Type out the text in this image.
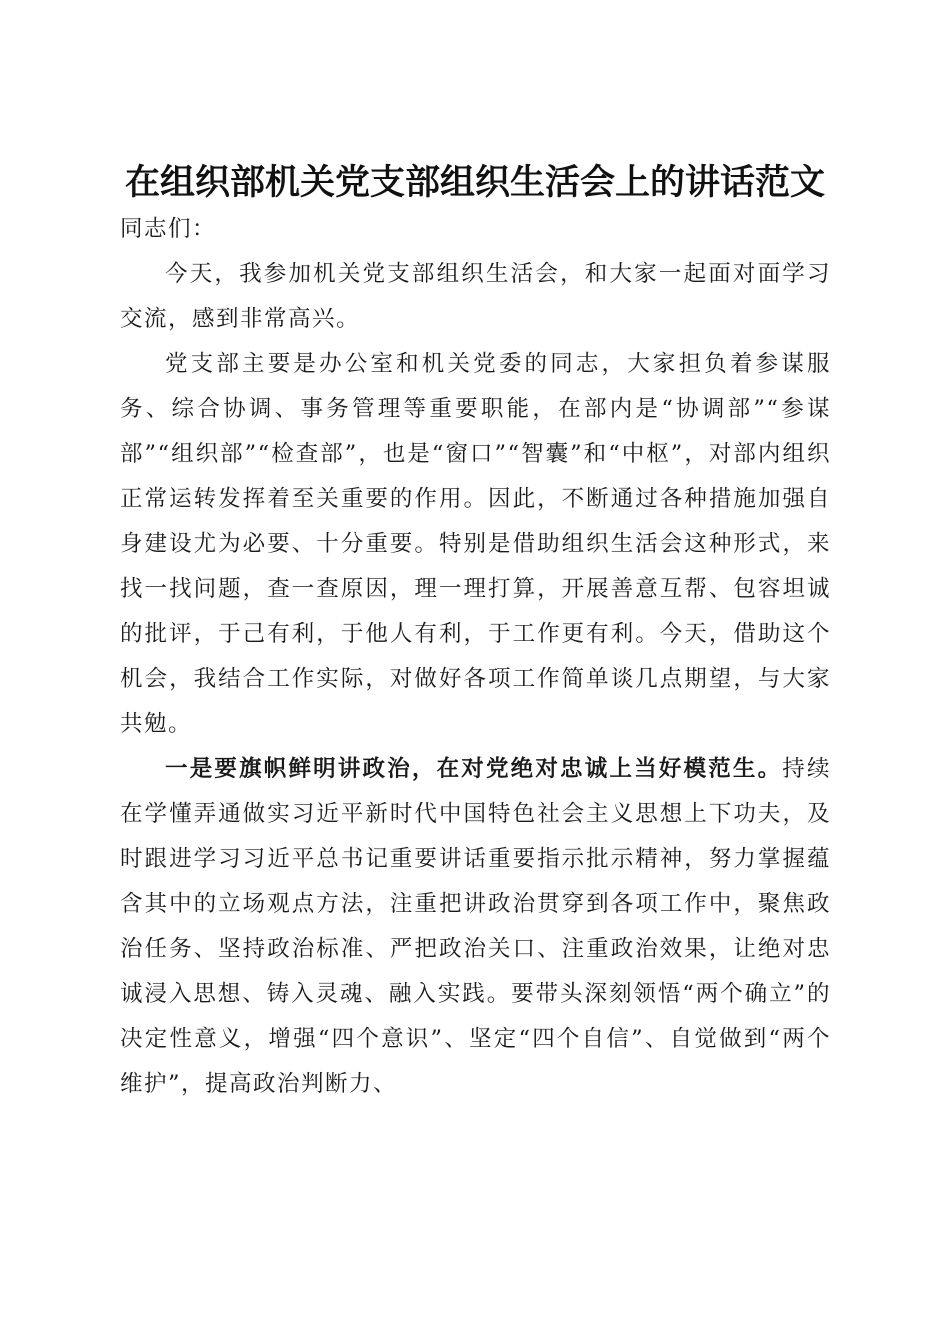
在组织部机关党支部组织生活会上的讲话范文

同志们：

今天，我参加机关党支部组织生活会，和大家一起面对面学习交流，感到非常高兴。

党支部主要是办公室和机关党委的同志，大家担负着参谋服务、综合协调、事务管理等重要职能，在部内是“协调部”“参谋部”“组织部”“检查部”，也是“窗口”“智囊”和“中枢”，对部内组织正常运转发挥着至关重要的作用。因此，不断通过各种措施加强自身建设尤为必要、十分重要。特别是借助组织生活会这种形式，来找一找问题，查一查原因，理一理打算，开展善意互帮、包容坦诚的批评，于己有利，于他人有利，于工作更有利。今天，借助这个机会，我结合工作实际，对做好各项工作简单谈几点期望，与大家共勉。

一是要旗帜鲜明讲政治，在对党绝对忠诚上当好模范生。持续在学懂弄通做实习近平新时代中国特色社会主义思想上下功夫，及时跟进学习习近平总书记重要讲话重要指示批示精神，努力掌握蕴含其中的立场观点方法，注重把讲政治贯穿到各项工作中，聚焦政治任务、坚持政治标准、严把政治关口、注重政治效果，让绝对忠诚浸入思想、铸入灵魂、融入实践。要带头深刻领悟“两个确立”的决定性意义，增强“四个意识”、坚定“四个自信”、自觉做到“两个维护”，提高政治判断力、
